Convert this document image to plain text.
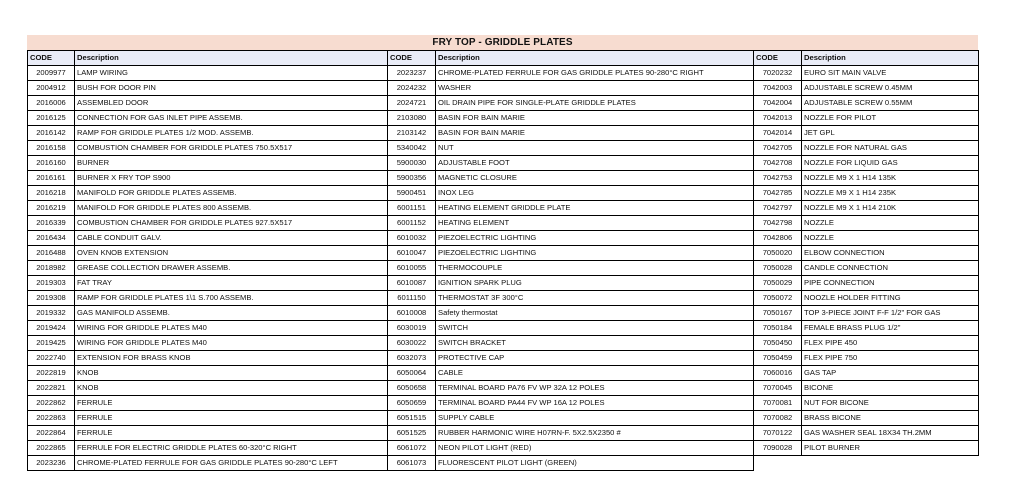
FRY TOP - GRIDDLE PLATES
CODE	Description	CODE	Description	CODE	Description
2009977	LAMP WIRING	2023237	CHROME-PLATED FERRULE FOR GAS GRIDDLE PLATES 90-280°C RIGHT	7020232	EURO SIT MAIN VALVE
2004912	BUSH FOR DOOR PIN	2024232	WASHER	7042003	ADJUSTABLE SCREW 0.45MM
2016006	ASSEMBLED DOOR	2024721	OIL DRAIN PIPE FOR SINGLE-PLATE GRIDDLE PLATES	7042004	ADJUSTABLE SCREW 0.55MM
2016125	CONNECTION FOR GAS INLET PIPE ASSEMB.	2103080	BASIN FOR BAIN MARIE	7042013	NOZZLE FOR PILOT
2016142	RAMP FOR GRIDDLE PLATES 1/2 MOD. ASSEMB.	2103142	BASIN FOR BAIN MARIE	7042014	JET GPL
2016158	COMBUSTION CHAMBER FOR GRIDDLE PLATES 750.5X517	5340042	NUT	7042705	NOZZLE FOR NATURAL GAS
2016160	BURNER	5900030	ADJUSTABLE FOOT	7042708	NOZZLE FOR LIQUID GAS
2016161	BURNER X FRY TOP S900	5900356	MAGNETIC CLOSURE	7042753	NOZZLE M9 X 1 H14 135K
2016218	MANIFOLD FOR GRIDDLE PLATES ASSEMB.	5900451	INOX LEG	7042785	NOZZLE M9 X 1 H14 235K
2016219	MANIFOLD FOR GRIDDLE PLATES 800 ASSEMB.	6001151	HEATING ELEMENT GRIDDLE PLATE	7042797	NOZZLE M9 X 1 H14 210K
2016339	COMBUSTION CHAMBER FOR GRIDDLE PLATES 927.5X517	6001152	HEATING ELEMENT	7042798	NOZZLE
2016434	CABLE CONDUIT GALV.	6010032	PIEZOELECTRIC LIGHTING	7042806	NOZZLE
2016488	OVEN KNOB EXTENSION	6010047	PIEZOELECTRIC LIGHTING	7050020	ELBOW CONNECTION
2018982	GREASE COLLECTION DRAWER ASSEMB.	6010055	THERMOCOUPLE	7050028	CANDLE CONNECTION
2019303	FAT TRAY	6010087	IGNITION SPARK PLUG	7050029	PIPE CONNECTION
2019308	RAMP FOR GRIDDLE PLATES 1\1 S.700 ASSEMB.	6011150	THERMOSTAT 3F 300°C	7050072	NOOZLE HOLDER FITTING
2019332	GAS MANIFOLD ASSEMB.	6010008	Safety thermostat	7050167	TOP 3-PIECE JOINT F-F 1/2" FOR GAS
2019424	WIRING FOR GRIDDLE PLATES M40	6030019	SWITCH	7050184	FEMALE BRASS PLUG 1/2"
2019425	WIRING FOR GRIDDLE PLATES M40	6030022	SWITCH BRACKET	7050450	FLEX PIPE 450
2022740	EXTENSION FOR BRASS KNOB	6032073	PROTECTIVE CAP	7050459	FLEX PIPE 750
2022819	KNOB	6050064	CABLE	7060016	GAS TAP
2022821	KNOB	6050658	TERMINAL BOARD PA76 FV WP 32A 12 POLES	7070045	BICONE
2022862	FERRULE	6050659	TERMINAL BOARD PA44 FV WP 16A 12 POLES	7070081	NUT FOR BICONE
2022863	FERRULE	6051515	SUPPLY CABLE	7070082	BRASS BICONE
2022864	FERRULE	6051525	RUBBER HARMONIC WIRE H07RN-F. 5X2.5X2350 #	7070122	GAS WASHER SEAL 18X34 TH.2MM
2022865	FERRULE FOR ELECTRIC GRIDDLE PLATES 60-320°C RIGHT	6061072	NEON PILOT LIGHT (RED)	7090028	PILOT BURNER
2023236	CHROME-PLATED FERRULE FOR GAS GRIDDLE PLATES 90-280°C LEFT	6061073	FLUORESCENT PILOT LIGHT (GREEN)		
